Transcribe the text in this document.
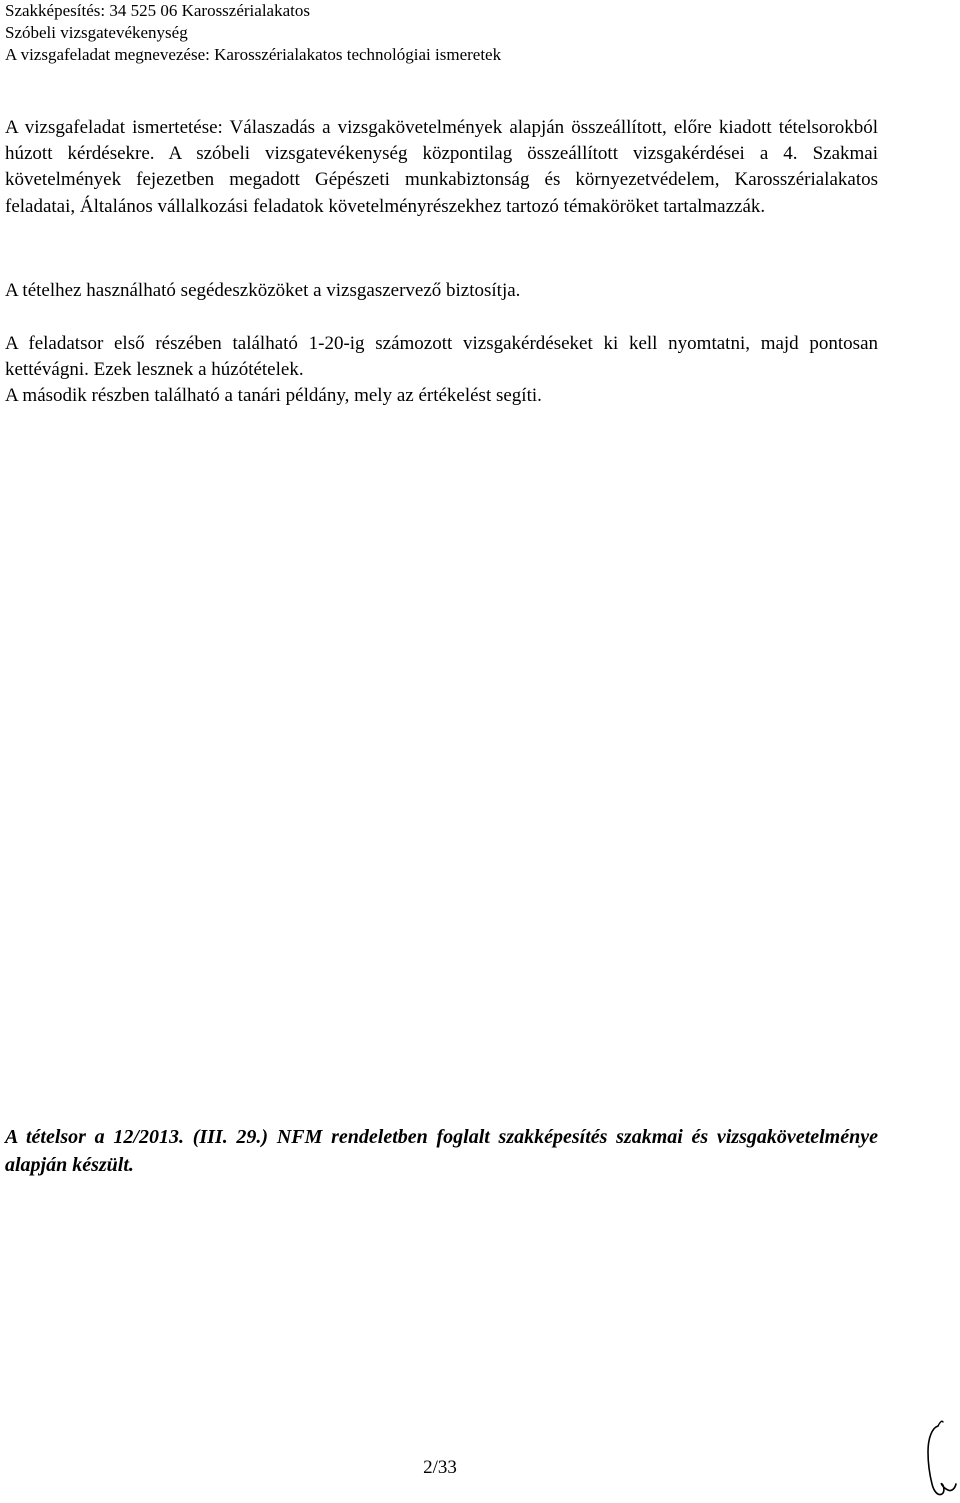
Szakképesítés: 34 525 06 Karosszérialakatos
Szóbeli vizsgatevékenység
A vizsgafeladat megnevezése: Karosszérialakatos technológiai ismeretek

A vizsgafeladat ismertetése: Válaszadás a vizsgakövetelmények alapján összeállított, előre kiadott tételsorokból húzott kérdésekre. A szóbeli vizsgatevékenység központilag összeállított vizsgakérdései a 4. Szakmai követelmények fejezetben megadott Gépészeti munkabiztonság és környezetvédelem, Karosszérialakatos feladatai, Általános vállalkozási feladatok követelményrészekhez tartozó témaköröket tartalmazzák.

A tételhez használható segédeszközöket a vizsgaszervező biztosítja.

A feladatsor első részében található 1-20-ig számozott vizsgakérdéseket ki kell nyomtatni, majd pontosan kettévágni. Ezek lesznek a húzótételek.

A második részben található a tanári példány, mely az értékelést segíti.

A tételsor a 12/2013. (III. 29.) NFM rendeletben foglalt szakképesítés szakmai és vizsgakövetelménye alapján készült.
2/33
